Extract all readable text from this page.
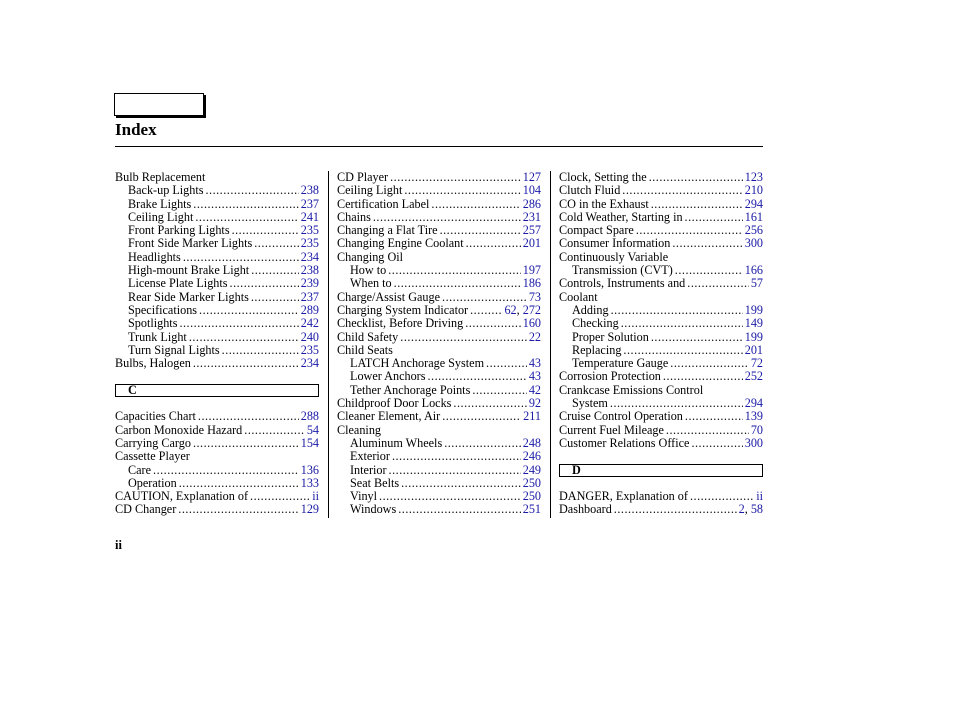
Index
Bulb Replacement
Back-up Lights .....	238
Brake Lights .....	237
Ceiling Light .....	241
Front Parking Lights .....	235
Front Side Marker Lights .....	235
Headlights .....	234
High-mount Brake Light .....	238
License Plate Lights .....	239
Rear Side Marker Lights .....	237
Specifications .....	289
Spotlights .....	242
Trunk Light .....	240
Turn Signal Lights .....	235
Bulbs, Halogen .....	234
C
Capacities Chart .....	288
Carbon Monoxide Hazard .....	54
Carrying Cargo .....	154
Cassette Player
Care .....	136
Operation .....	133
CAUTION, Explanation of .....	ii
CD Changer .....	129
CD Player .....	127
Ceiling Light .....	104
Certification Label .....	286
Chains .....	231
Changing a Flat Tire .....	257
Changing Engine Coolant .....	201
Changing Oil
How to .....	197
When to .....	186
Charge/Assist Gauge .....	73
Charging System Indicator .....	62, 272
Checklist, Before Driving .....	160
Child Safety .....	22
Child Seats
LATCH Anchorage System .....	43
Lower Anchors .....	43
Tether Anchorage Points .....	42
Childproof Door Locks .....	92
Cleaner Element, Air .....	211
Cleaning
Aluminum Wheels .....	248
Exterior .....	246
Interior .....	249
Seat Belts .....	250
Vinyl .....	250
Windows .....	251
Clock, Setting the .....	123
Clutch Fluid .....	210
CO in the Exhaust .....	294
Cold Weather, Starting in .....	161
Compact Spare .....	256
Consumer Information .....	300
Continuously Variable
Transmission (CVT) .....	166
Controls, Instruments and .....	57
Coolant
Adding .....	199
Checking .....	149
Proper Solution .....	199
Replacing .....	201
Temperature Gauge .....	72
Corrosion Protection .....	252
Crankcase Emissions Control
System .....	294
Cruise Control Operation .....	139
Current Fuel Mileage .....	70
Customer Relations Office .....	300
D
DANGER, Explanation of .....	ii
Dashboard .....	2, 58
ii
